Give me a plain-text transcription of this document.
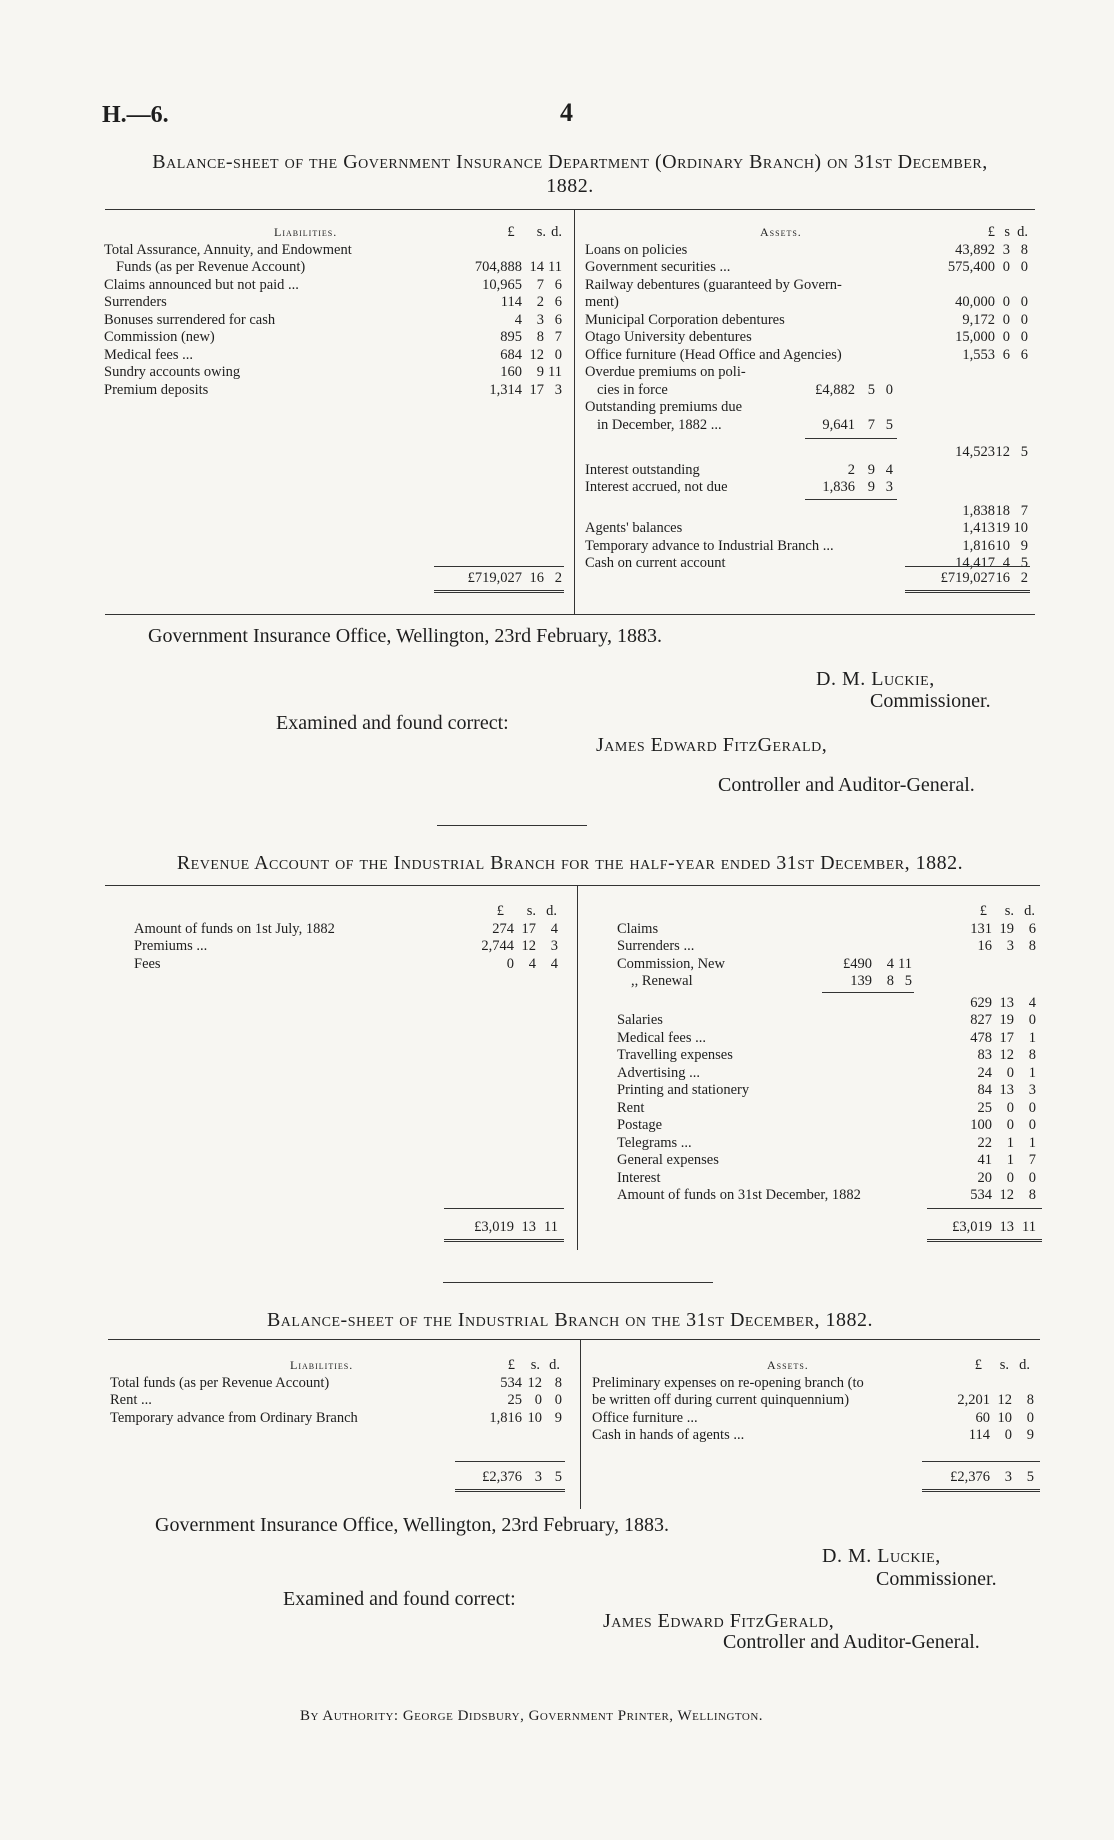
H.—6.	4
Balance-sheet of the Government Insurance Department (Ordinary Branch) on 31st December,
1882.
Liabilities.	£	s. d.
Total Assurance, Annuity, and Endowment
Funds (as per Revenue Account)	704,888 14 11
Claims announced but not paid ...	10,965	7 6
Surrenders	114	2 6
Bonuses surrendered for cash	4	3 6
Commission (new)	895	8 7
Medical fees ...	684 12 0
Sundry accounts owing	160	9 11
Premium deposits	1,314 17 3
£719,027 16 2
Assets.	£ s d.
Loans on policies	43,892 3 8
Government securities ...	575,400 0 0
Railway debentures (guaranteed by Govern-
ment)	40,000 0 0
Municipal Corporation debentures	9,172 0 0
Otago University debentures	15,000 0 0
Office furniture (Head Office and Agencies)	1,553 6 6
Overdue premiums on poli-
cies in force	£4,882 5 0
Outstanding premiums due
in December, 1882 ...	9,641 7 5
14,523 12 5
Interest outstanding	2 9 4
Interest accrued, not due	1,836 9 3
1,838 18 7
Agents' balances	1,413 19 10
Temporary advance to Industrial Branch ...	1,816 10 9
Cash on current account	14,417 4 5
£719,027 16 2
Government Insurance Office, Wellington, 23rd February, 1883.
D. M. Luckie,
Commissioner.
Examined and found correct:
James Edward FitzGerald,
Controller and Auditor-General.
Revenue Account of the Industrial Branch for the half-year ended 31st December, 1882.
£	s. d.
Amount of funds on 1st July, 1882	274 17	4
Premiums ...	2,744 12	3
Fees	0	4	4
£3,019 13 11
£	s. d.
Claims	131 19	6
Surrenders ...	16	3	8
Commission, New	£490	4 11
,, Renewal	139	8 5
629 13	4
Salaries	827 19	0
Medical fees ...	478 17	1
Travelling expenses	83 12	8
Advertising ...	24	0	1
Printing and stationery	84 13	3
Rent	25	0	0
Postage	100	0	0
Telegrams ...	22	1	1
General expenses	41	1	7
Interest	20	0	0
Amount of funds on 31st December, 1882	534 12	8
£3,019 13 11
Balance-sheet of the Industrial Branch on the 31st December, 1882.
Liabilities.	£	s. d.
Total funds (as per Revenue Account)	534 12 8
Rent ...	25 0 0
Temporary advance from Ordinary Branch	1,816 10 9
£2,376 3 5
Assets.	£	s. d.
Preliminary expenses on re-opening branch (to
be written off during current quinquennium)	2,201 12	8
Office furniture ...	60 10	0
Cash in hands of agents ...	114	0	9
£2,376	3	5
Government Insurance Office, Wellington, 23rd February, 1883.
D. M. Luckie,
Commissioner.
Examined and found correct:
James Edward FitzGerald,
Controller and Auditor-General.
By Authority: George Didsbury, Government Printer, Wellington.
